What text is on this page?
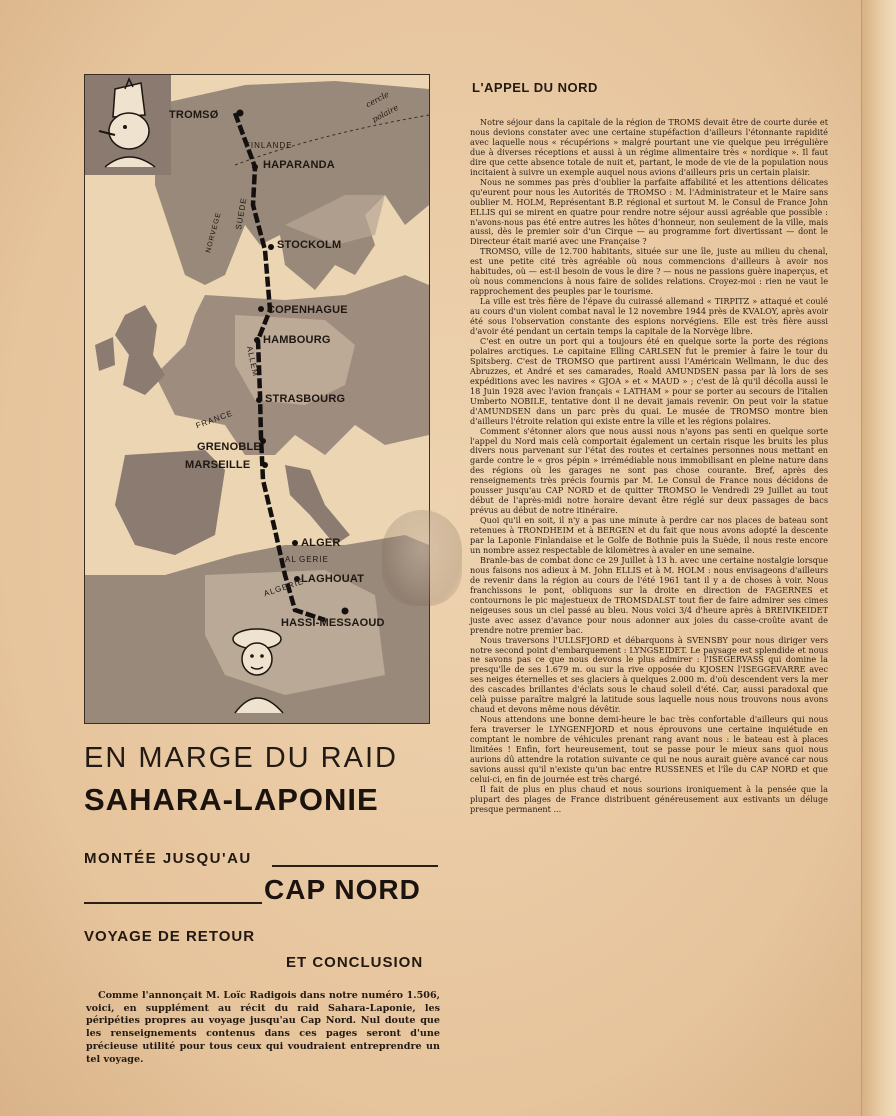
TROMSØ
HAPARANDA
STOCKOLM
COPENHAGUE
HAMBOURG
STRASBOURG
GRENOBLE
MARSEILLE
ALGER
LAGHOUAT
HASSI-MESSAOUD
FINLANDE
SUEDE
NORVEGE
ALLEM
FRANCE
AL GERIE
ALGERIE
cercle
polaire
EN MARGE DU RAID
SAHARA-LAPONIE
MONTÉE JUSQU'AU
CAP NORD
VOYAGE DE RETOUR
ET CONCLUSION
Comme l'annonçait M. Loïc Radigois dans notre numéro 1.506, voici, en supplément au récit du raid Sahara-Laponie, les péripéties propres au voyage jusqu'au Cap Nord. Nul doute que les renseignements contenus dans ces pages seront d'une précieuse utilité pour tous ceux qui voudraient entreprendre un tel voyage.
L'APPEL DU NORD

Notre séjour dans la capitale de la région de TROMS devait être de courte durée et nous devions constater avec une certaine stupéfaction d'ailleurs l'étonnante rapidité avec laquelle nous « récupérions » malgré pourtant une vie quelque peu irrégulière due à diverses réceptions et aussi à un régime alimentaire très « nordique ». Il faut dire que cette absence totale de nuit et, partant, le mode de vie de la population nous incitaient à suivre un exemple auquel nous avions d'ailleurs pris un certain plaisir.

Nous ne sommes pas près d'oublier la parfaite affabilité et les attentions délicates qu'eurent pour nous les Autorités de TROMSO : M. l'Administrateur et le Maire sans oublier M. HOLM, Représentant B.P. régional et surtout M. le Consul de France John ELLIS qui se mirent en quatre pour rendre notre séjour aussi agréable que possible : n'avons-nous pas été entre autres les hôtes d'honneur, non seulement de la ville, mais aussi, dès le premier soir d'un Cirque — au programme fort divertissant — dont le Directeur était marié avec une Française ?

TROMSO, ville de 12.700 habitants, située sur une île, juste au milieu du chenal, est une petite cité très agréable où nous commencions d'ailleurs à avoir nos habitudes, où — est-il besoin de vous le dire ? — nous ne passions guère inaperçus, et où nous commencions à nous faire de solides relations. Croyez-moi : rien ne vaut le rapprochement des peuples par le tourisme.

La ville est très fière de l'épave du cuirassé allemand « TIRPITZ » attaqué et coulé au cours d'un violent combat naval le 12 novembre 1944 près de KVALOY, après avoir été sous l'observation constante des espions norvégiens. Elle est très fière aussi d'avoir été pendant un certain temps la capitale de la Norvège libre.

C'est en outre un port qui a toujours été en quelque sorte la porte des régions polaires arctiques. Le capitaine Elling CARLSEN fut le premier à faire le tour du Spitsberg. C'est de TROMSO que partirent aussi l'Américain Wellmann, le duc des Abruzzes, et André et ses camarades, Roald AMUNDSEN passa par là lors de ses expéditions avec les navires « GJOA » et « MAUD » ; c'est de là qu'il décolla aussi le 18 Juin 1928 avec l'avion français « LATHAM » pour se porter au secours de l'italien Umberto NOBILE, tentative dont il ne devait jamais revenir. On peut voir la statue d'AMUNDSEN dans un parc près du quai. Le musée de TROMSO montre bien d'ailleurs l'étroite relation qui existe entre la ville et les régions polaires.

Comment s'étonner alors que nous aussi nous n'ayons pas senti en quelque sorte l'appel du Nord mais celà comportait également un certain risque les bruits les plus divers nous parvenant sur l'état des routes et certaines personnes nous mettant en garde contre le « gros pépin » irrémédiable nous immobilisant en pleine nature dans des régions où les garages ne sont pas chose courante. Bref, après des renseignements très précis fournis par M. Le Consul de France nous décidons de pousser jusqu'au CAP NORD et de quitter TROMSO le Vendredi 29 Juillet au tout début de l'après-midi notre horaire devant être réglé sur deux passages de bacs prévus au début de notre itinéraire.

Quoi qu'il en soit, il n'y a pas une minute à perdre car nos places de bateau sont retenues à TRONDHEIM et à BERGEN et du fait que nous avons adopté la descente par la Laponie Finlandaise et le Golfe de Bothnie puis la Suède, il nous reste encore un nombre assez respectable de kilomètres à avaler en une semaine.

Branle-bas de combat donc ce 29 Juillet à 13 h. avec une certaine nostalgie lorsque nous faisons nos adieux à M. John ELLIS et à M. HOLM : nous envisageons d'ailleurs de revenir dans la région au cours de l'été 1961 tant il y a de choses à voir. Nous franchissons le pont, obliquons sur la droite en direction de FAGERNES et contournons le pic majestueux de TROMSDALST tout fier de faire admirer ses cimes neigeuses sous un ciel passé au bleu. Nous voici 3/4 d'heure après à BREIVIKEIDET juste avec assez d'avance pour nous adonner aux joies du casse-croûte avant de prendre notre premier bac.

Nous traversons l'ULLSFJORD et débarquons à SVENSBY pour nous diriger vers notre second point d'embarquement : LYNGSEIDET. Le paysage est splendide et nous ne savons pas ce que nous devons le plus admirer : l'ISEGERVASS qui domine la presqu'île de ses 1.679 m. ou sur la rive opposée du KJOSEN l'ISEGGEVARRE avec ses neiges éternelles et ses glaciers à quelques 2.000 m. d'où descendent vers la mer des cascades brillantes d'éclats sous le chaud soleil d'été. Car, aussi paradoxal que celà puisse paraître malgré la latitude sous laquelle nous nous trouvons nous avons chaud et devons même nous dévêtir.

Nous attendons une bonne demi-heure le bac très confortable d'ailleurs qui nous fera traverser le LYNGENFJORD et nous éprouvons une certaine inquiétude en comptant le nombre de véhicules prenant rang avant nous : le bateau est à places limitées ! Enfin, fort heureusement, tout se passe pour le mieux sans quoi nous aurions dû attendre la rotation suivante ce qui ne nous aurait guère avancé car nous savions aussi qu'il n'existe qu'un bac entre RUSSENES et l'île du CAP NORD et que celui-ci, en fin de journée est très chargé.

Il fait de plus en plus chaud et nous sourions ironiquement à la pensée que la plupart des plages de France distribuent généreusement aux estivants un déluge presque permanent ...
